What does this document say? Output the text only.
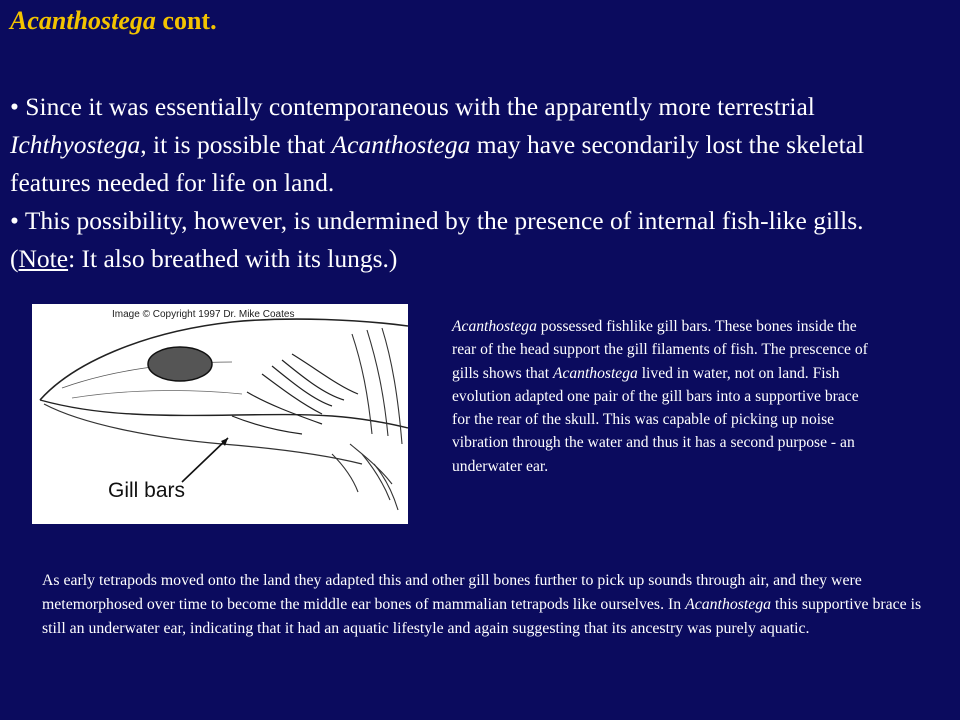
Acanthostega cont.

• Since it was essentially contemporaneous with the apparently more terrestrial Ichthyostega, it is possible that Acanthostega may have secondarily lost the skeletal features needed for life on land.

• This possibility, however, is undermined by the presence of internal fish-like gills. (Note: It also breathed with its lungs.)

Image © Copyright 1997 Dr. Mike Coates
Gill bars
Acanthostega possessed fishlike gill bars. These bones inside the rear of the head support the gill filaments of fish. The prescence of gills shows that Acanthostega lived in water, not on land. Fish evolution adapted one pair of the gill bars into a supportive brace for the rear of the skull. This was capable of picking up noise vibration through the water and thus it has a second purpose - an underwater ear.
As early tetrapods moved onto the land they adapted this and other gill bones further to pick up sounds through air, and they were metemorphosed over time to become the middle ear bones of mammalian tetrapods like ourselves. In Acanthostega this supportive brace is still an underwater ear, indicating that it had an aquatic lifestyle and again suggesting that its ancestry was purely aquatic.
